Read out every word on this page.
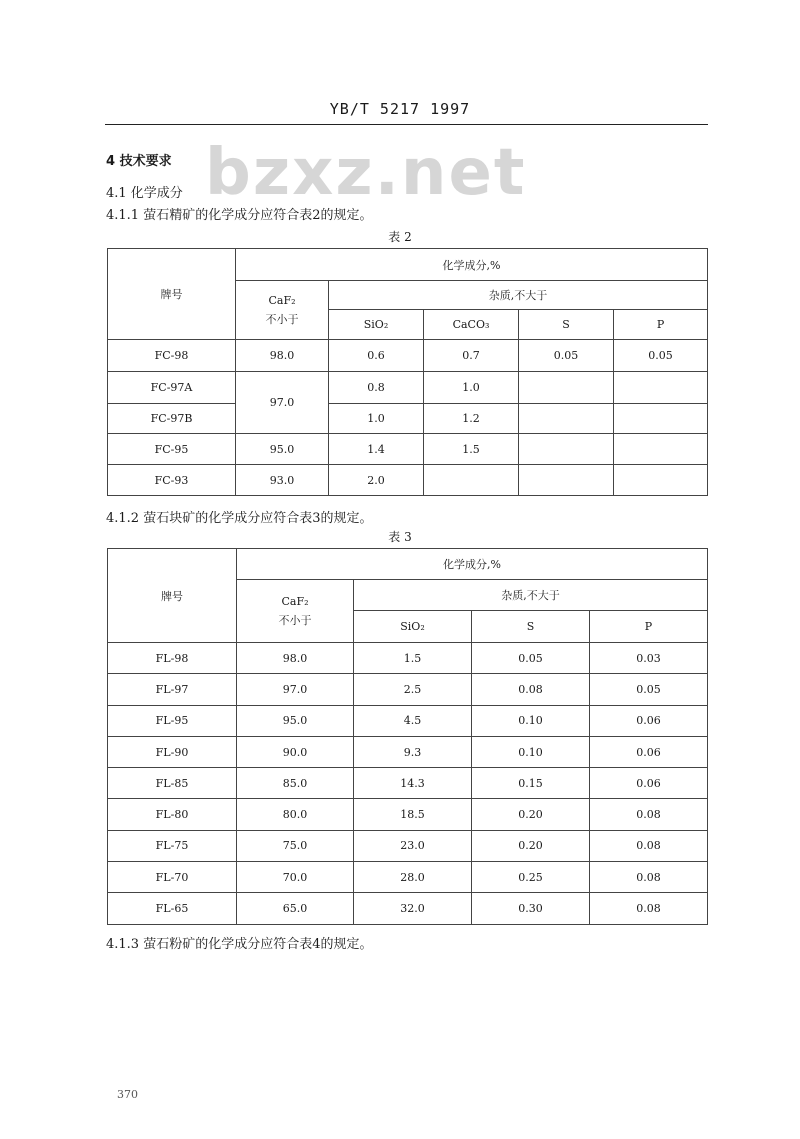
YB/T 5217 1997
bzxz.net
4 技术要求
4.1 化学成分
4.1.1 萤石精矿的化学成分应符合表2的规定。
表 2
牌号	化学成分,%				

	CaF₂
不小于	杂质,不大于			
		SiO₂	CaCO₃	S	P
FC-98	98.0	0.6	0.7	0.05	0.05
FC-97A	97.0	0.8	1.0		
FC-97B		1.0	1.2		
FC-95	95.0	1.4	1.5		
FC-93	93.0	2.0			
4.1.2 萤石块矿的化学成分应符合表3的规定。
表 3
牌号	化学成分,%			

	CaF₂
不小于	杂质,不大于		
		SiO₂	S	P
FL-98	98.0	1.5	0.05	0.03
FL-97	97.0	2.5	0.08	0.05
FL-95	95.0	4.5	0.10	0.06
FL-90	90.0	9.3	0.10	0.06
FL-85	85.0	14.3	0.15	0.06
FL-80	80.0	18.5	0.20	0.08
FL-75	75.0	23.0	0.20	0.08
FL-70	70.0	28.0	0.25	0.08
FL-65	65.0	32.0	0.30	0.08
4.1.3 萤石粉矿的化学成分应符合表4的规定。
370
